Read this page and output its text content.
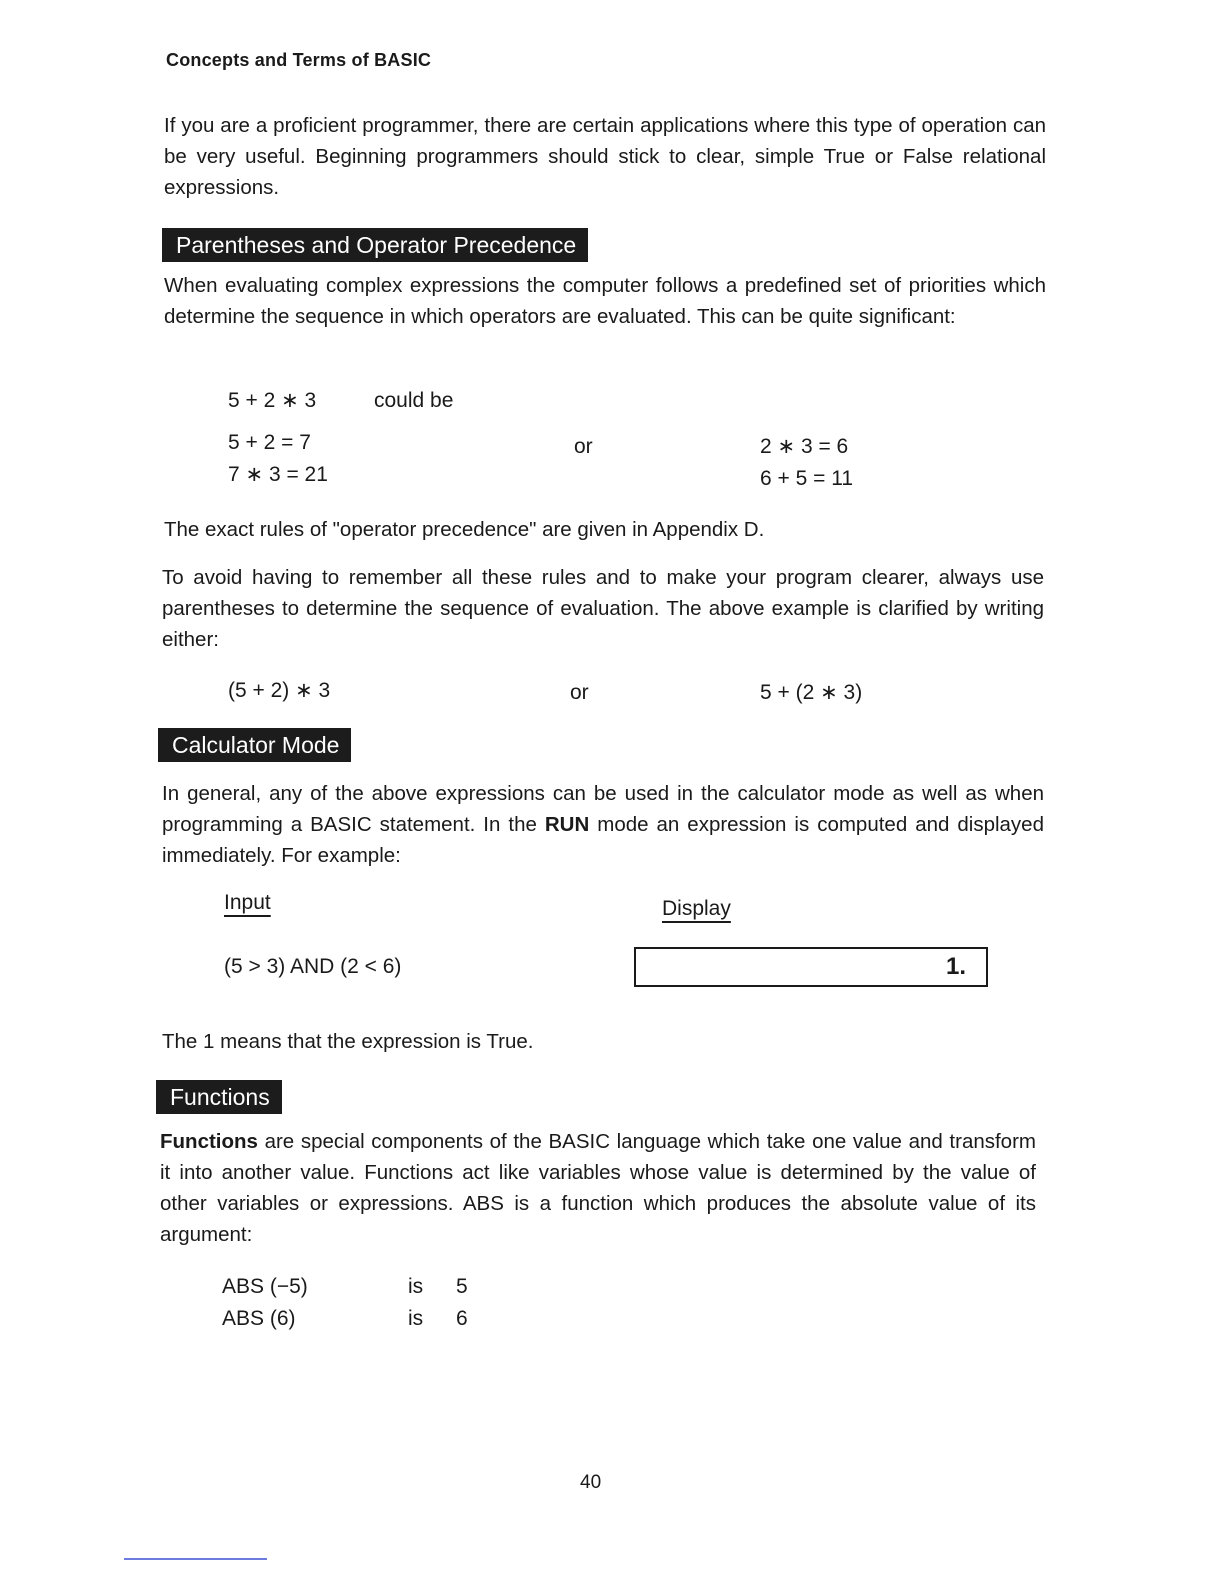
Concepts and Terms of BASIC
If you are a proficient programmer, there are certain applications where this type of operation can be very useful. Beginning programmers should stick to clear, simple True or False relational expressions.
Parentheses and Operator Precedence
When evaluating complex expressions the computer follows a predefined set of priorities which determine the sequence in which operators are evaluated. This can be quite significant:
5 + 2 ∗ 3	could be
5 + 2 = 7
7 ∗ 3 = 21
or	2 ∗ 3 = 6
6 + 5 = 11
The exact rules of "operator precedence" are given in Appendix D.
To avoid having to remember all these rules and to make your program clearer, always use parentheses to determine the sequence of evaluation. The above example is clarified by writing either:
(5 + 2) ∗ 3	or	5 + (2 ∗ 3)
Calculator Mode
In general, any of the above expressions can be used in the calculator mode as well as when programming a BASIC statement. In the RUN mode an expression is computed and displayed immediately. For example:
Input	Display
(5 > 3) AND (2 < 6)	1.
The 1 means that the expression is True.
Functions
Functions are special components of the BASIC language which take one value and transform it into another value. Functions act like variables whose value is determined by the value of other variables or expressions. ABS is a function which produces the absolute value of its argument:
ABS (−5)	is 5
ABS (6)	is 6
40
